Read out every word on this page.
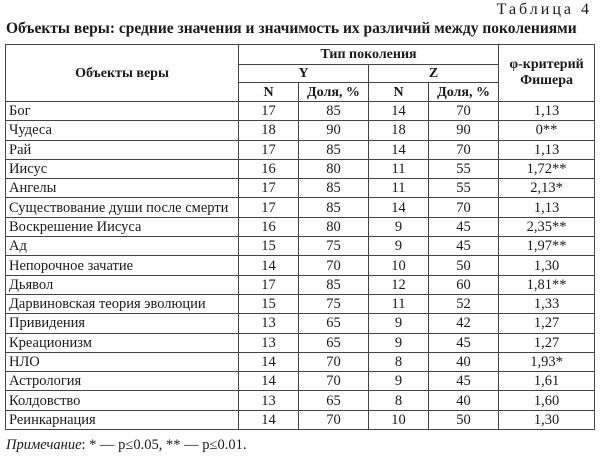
Таблица 4
Объекты веры: средние значения и значимость их различий между поколениями
Объекты веры	Тип поколения				φ-критерий Фишера
	Y		Z		
	N	Доля, %	N	Доля, %	
Бог	17	85	14	70	1,13
Чудеса	18	90	18	90	0**
Рай	17	85	14	70	1,13
Иисус	16	80	11	55	1,72**
Ангелы	17	85	11	55	2,13*
Существование души после смерти	17	85	14	70	1,13
Воскрешение Иисуса	16	80	9	45	2,35**
Ад	15	75	9	45	1,97**
Непорочное зачатие	14	70	10	50	1,30
Дьявол	17	85	12	60	1,81**
Дарвиновская теория эволюции	15	75	11	52	1,33
Привидения	13	65	9	42	1,27
Креационизм	13	65	9	45	1,27
НЛО	14	70	8	40	1,93*
Астрология	14	70	9	45	1,61
Колдовство	13	65	8	40	1,60
Реинкарнация	14	70	10	50	1,30
Примечание: * — p≤0.05, ** — p≤0.01.
